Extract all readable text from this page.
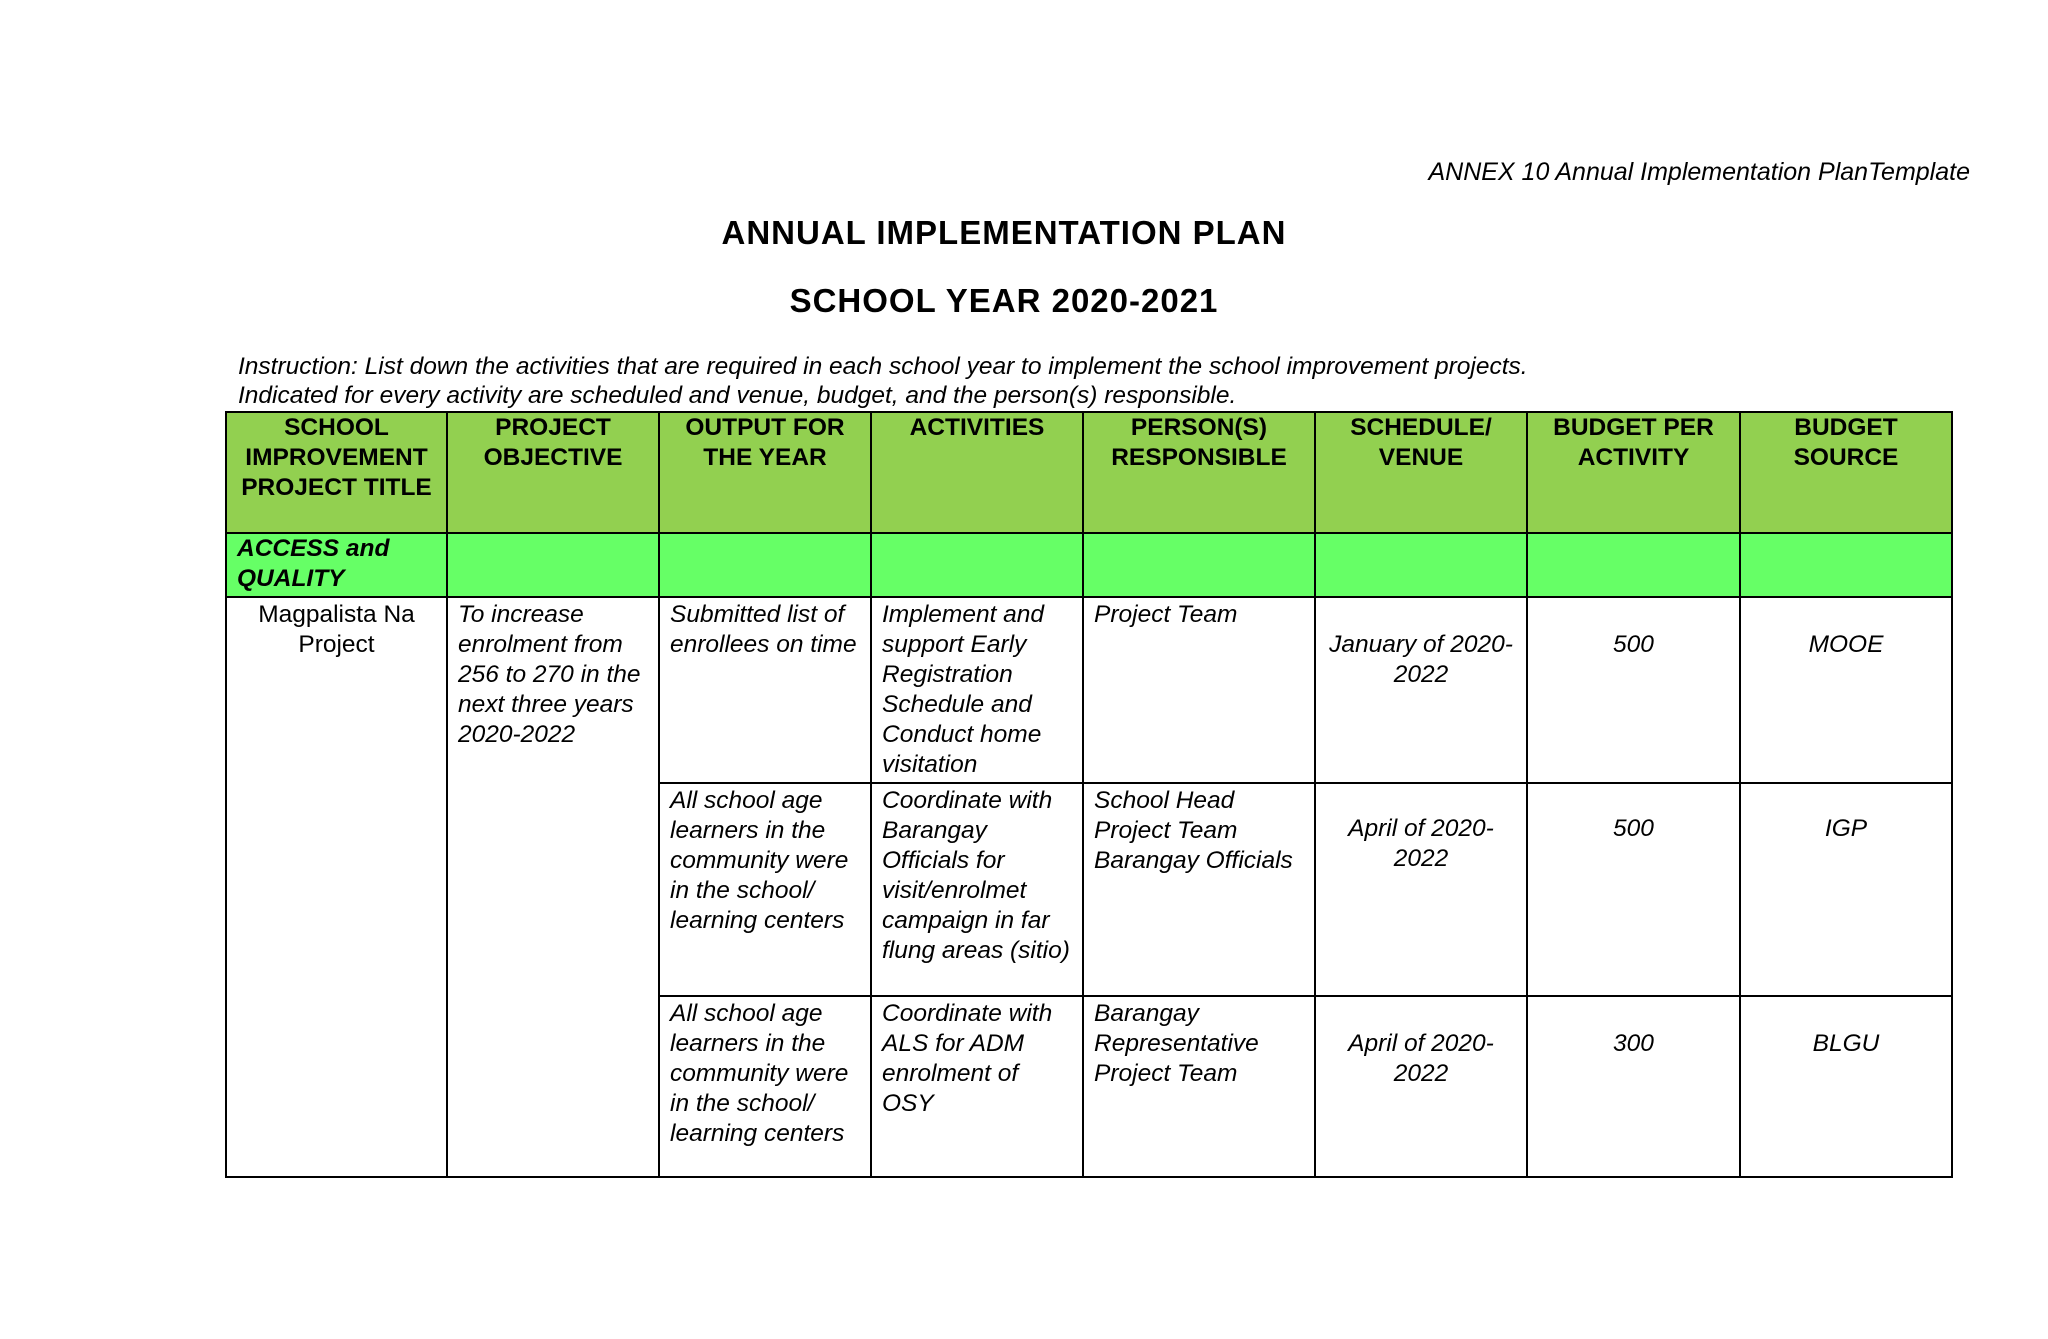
ANNEX 10 Annual Implementation PlanTemplate
ANNUAL IMPLEMENTATION PLAN
SCHOOL YEAR 2020-2021
Instruction: List down the activities that are required in each school year to implement the school improvement projects.
Indicated for every activity are scheduled and venue, budget, and the person(s) responsible.
SCHOOL IMPROVEMENT PROJECT TITLE	PROJECT OBJECTIVE	OUTPUT FOR THE YEAR	ACTIVITIES	PERSON(S) RESPONSIBLE	SCHEDULE/ VENUE	BUDGET PER ACTIVITY	BUDGET SOURCE
ACCESS and QUALITY							
Magpalista Na Project	To increase enrolment from 256 to 270 in the next three years 2020-2022	Submitted list of enrollees on time	Implement and support Early Registration Schedule and Conduct home visitation	Project Team	January of 2020-2022	500	MOOE
		All school age learners in the community were in the school/ learning centers	Coordinate with Barangay Officials for visit/enrolmet campaign in far flung areas (sitio)	School Head Project Team Barangay Officials	April of 2020-2022	500	IGP
		All school age learners in the community were in the school/ learning centers	Coordinate with ALS for ADM enrolment of OSY	Barangay Representative Project Team	April of 2020-2022	300	BLGU
